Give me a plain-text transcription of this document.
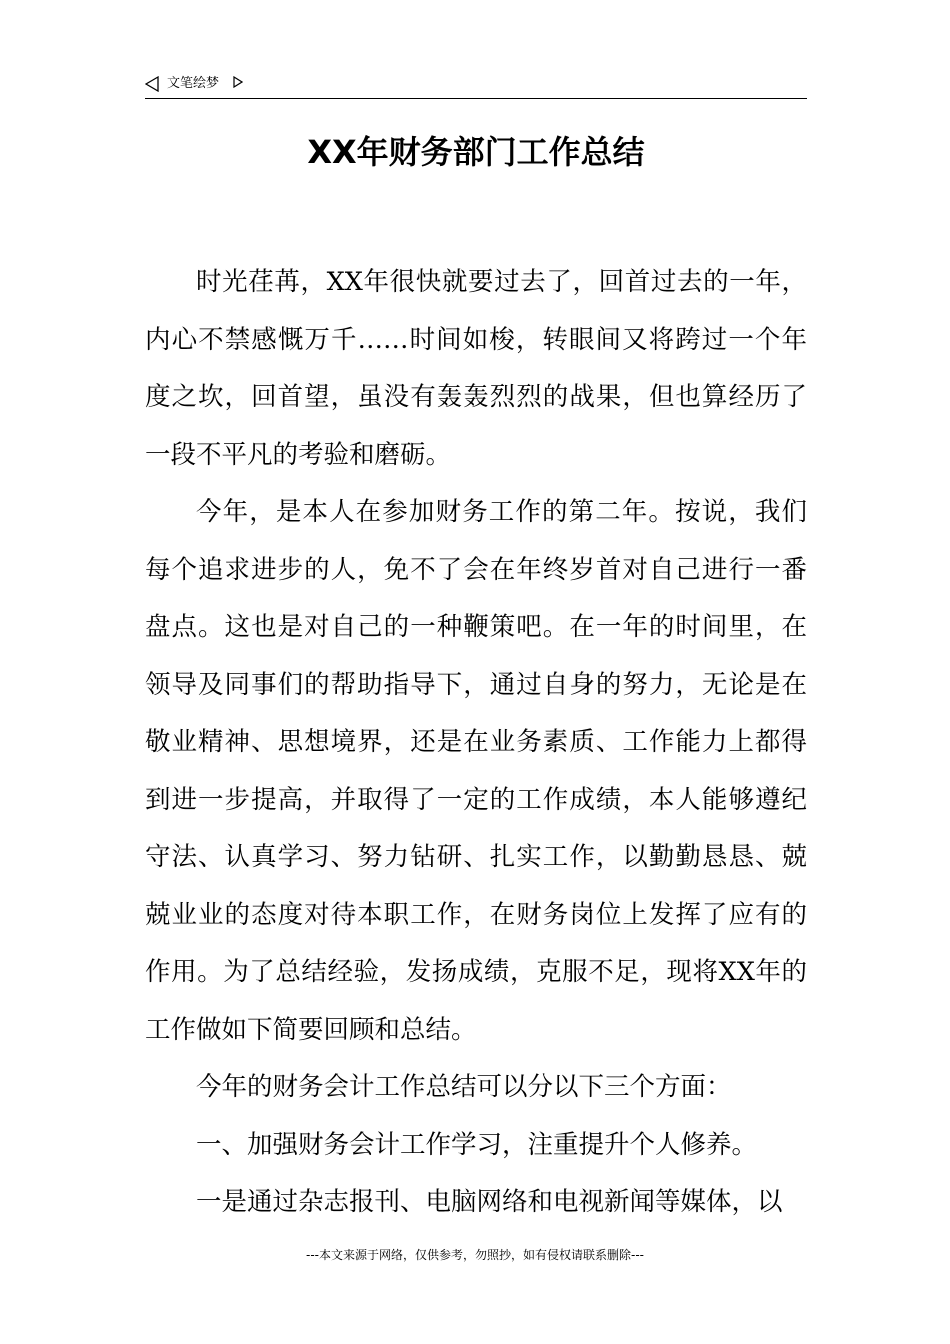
文笔绘梦
XX年财务部门工作总结

时光荏苒，XX年很快就要过去了，回首过去的一年，内心不禁感慨万千……时间如梭，转眼间又将跨过一个年度之坎，回首望，虽没有轰轰烈烈的战果，但也算经历了一段不平凡的考验和磨砺。

今年，是本人在参加财务工作的第二年。按说，我们每个追求进步的人，免不了会在年终岁首对自己进行一番盘点。这也是对自己的一种鞭策吧。在一年的时间里，在领导及同事们的帮助指导下，通过自身的努力，无论是在敬业精神、思想境界，还是在业务素质、工作能力上都得到进一步提高，并取得了一定的工作成绩，本人能够遵纪守法、认真学习、努力钻研、扎实工作，以勤勤恳恳、兢兢业业的态度对待本职工作，在财务岗位上发挥了应有的作用。为了总结经验，发扬成绩，克服不足，现将XX年的工作做如下简要回顾和总结。

今年的财务会计工作总结可以分以下三个方面：

一、加强财务会计工作学习，注重提升个人修养。

一是通过杂志报刊、电脑网络和电视新闻等媒体，以

---本文来源于网络，仅供参考，勿照抄，如有侵权请联系删除---
